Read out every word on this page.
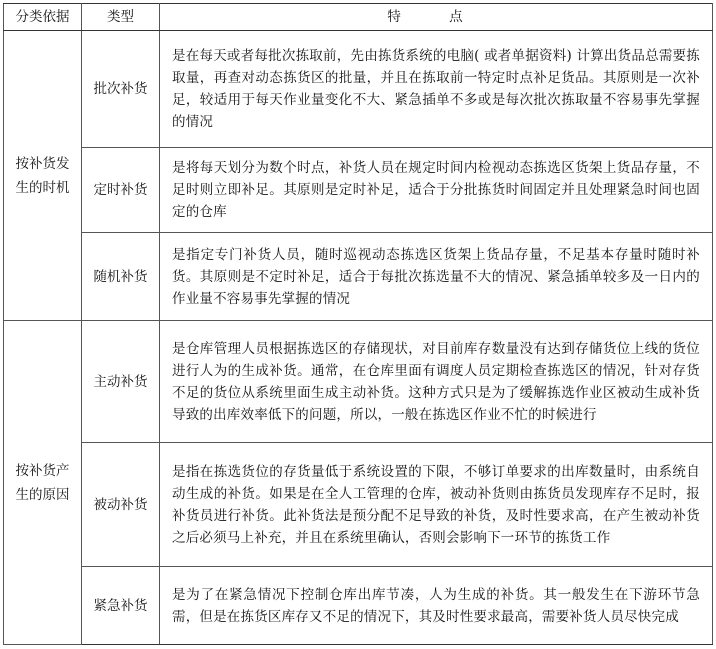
分类依据	类型	特 点
按补货发生的时机	批次补货	是在每天或者每批次拣取前，先由拣货系统的电脑( 或者单据资料) 计算出货品总需要拣取量，再查对动态拣货区的批量，并且在拣取前一特定时点补足货品。其原则是一次补足，较适用于每天作业量变化不大、紧急插单不多或是每次批次拣取量不容易事先掌握的情况
	定时补货	是将每天划分为数个时点，补货人员在规定时间内检视动态拣选区货架上货品存量，不足时则立即补足。其原则是定时补足，适合于分批拣货时间固定并且处理紧急时间也固定的仓库
	随机补货	是指定专门补货人员，随时巡视动态拣选区货架上货品存量，不足基本存量时随时补货。其原则是不定时补足，适合于每批次拣选量不大的情况、紧急插单较多及一日内的作业量不容易事先掌握的情况
按补货产生的原因	主动补货	是仓库管理人员根据拣选区的存储现状，对目前库存数量没有达到存储货位上线的货位进行人为的生成补货。通常，在仓库里面有调度人员定期检查拣选区的情况，针对存货不足的货位从系统里面生成主动补货。这种方式只是为了缓解拣选作业区被动生成补货导致的出库效率低下的问题，所以，一般在拣选区作业不忙的时候进行
	被动补货	是指在拣选货位的存货量低于系统设置的下限，不够订单要求的出库数量时，由系统自动生成的补货。如果是在全人工管理的仓库，被动补货则由拣货员发现库存不足时，报补货员进行补货。此补货法是预分配不足导致的补货，及时性要求高，在产生被动补货之后必须马上补充，并且在系统里确认，否则会影响下一环节的拣货工作
	紧急补货	是为了在紧急情况下控制仓库出库节凑，人为生成的补货。其一般发生在下游环节急需，但是在拣货区库存又不足的情况下，其及时性要求最高，需要补货人员尽快完成
